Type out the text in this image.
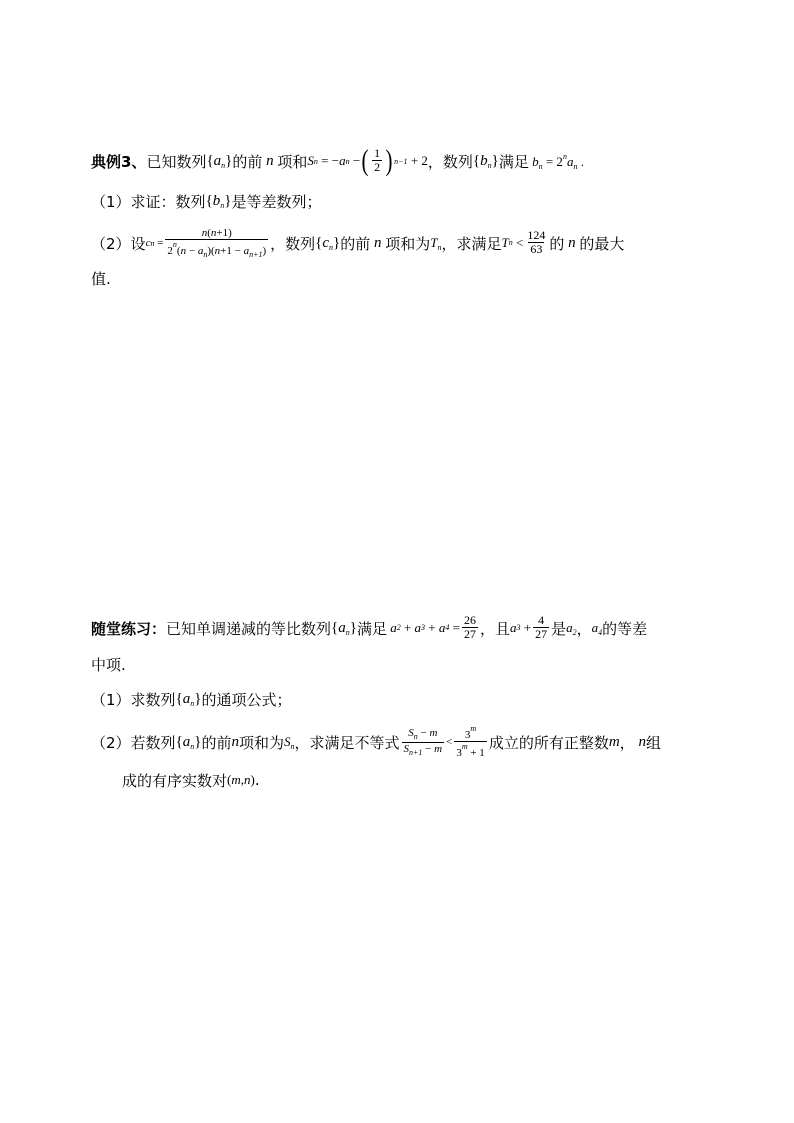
典例3、 已知数列 $\{a_n\}$ 的前 n 项和 S n = − a n − ( $\frac{1}{2}$ ) n−1 + 2 ，数列 $\{b_n\}$ 满足 $b_n = 2^na_n$ .
（1） 求证：数列 $\{b_n\}$ 是等差数列；
（2） 设 c $n = \frac{n(n+1)}{2^n(n - a_n)(n+1 - a_{n+1})}$ ，数列 $\{c_n\}$ 的前 n 项和为 $T_n$ ，求满足 T $n < \frac{124}{63}$ 的 n 的最大
值.
随堂练习： 已知单调递减的等比数列 $\{a_n\}$ 满足
a 2 + a 3 + a $4 = \frac{26}{27}$ ，且 a $3 + \frac{4}{27}$ 是 $a_2$ ， $a_4$ 的等差
中项.
（1） 求数列 $\{a_n\}$ 的通项公式；
（2） 若数列 $\{a_n\}$ 的前 n 项和为 $S_n$ ，求满足不等式 $\frac{S_n - m}{S_{n+1} - m} < \frac{3^m}{3^m + 1}$ 成立的所有正整数 m ， n 组
成的有序实数对 (m,n) .
